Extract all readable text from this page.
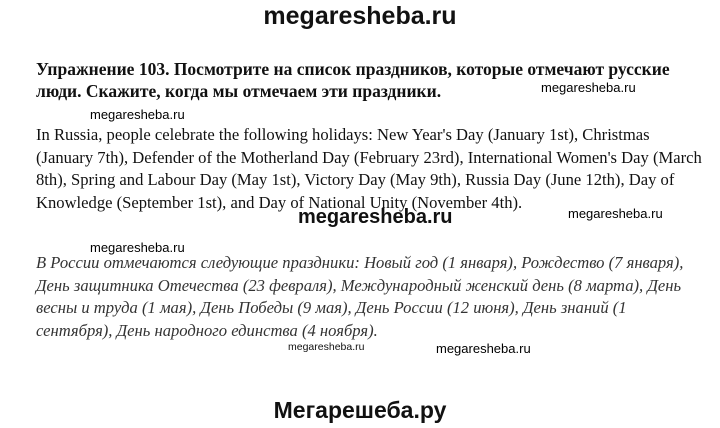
megaresheba.ru
Упражнение 103. Посмотрите на список праздников, которые отмечают русские люди. Скажите, когда мы отмечаем эти праздники.
In Russia, people celebrate the following holidays: New Year's Day (January 1st), Christmas (January 7th), Defender of the Motherland Day (February 23rd), International Women's Day (March 8th), Spring and Labour Day (May 1st), Victory Day (May 9th), Russia Day (June 12th), Day of Knowledge (September 1st), and Day of National Unity (November 4th).
В России отмечаются следующие праздники: Новый год (1 января), Рождество (7 января), День защитника Отечества (23 февраля), Международный женский день (8 марта), День весны и труда (1 мая), День Победы (9 мая), День России (12 июня), День знаний (1 сентября), День народного единства (4 ноября).
megaresheba.ru
megaresheba.ru
megaresheba.ru	megaresheba.ru
megaresheba.ru
megaresheba.ru	megaresheba.ru
Мегарешеба.ру
